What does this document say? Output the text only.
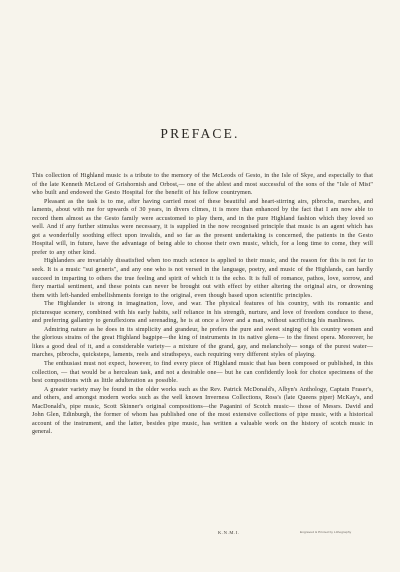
PREFACE.

This collection of Highland music is a tribute to the memory of the McLeods of Gesto, in the Isle of Skye, and especially to that of the late Kenneth McLeod of Grishornish and Orbost,— one of the ablest and most successful of the sons of the "Isle of Mist" who built and endowed the Gesto Hospital for the benefit of his fellow countrymen.

Pleasant as the task is to me, after having carried most of these beautiful and heart-stirring airs, pibrochs, marches, and laments, about with me for upwards of 30 years, in divers climes, it is more than enhanced by the fact that I am now able to record them almost as the Gesto family were accustomed to play them, and in the pure Highland fashion which they loved so well. And if any further stimulus were necessary, it is supplied in the now recognised principle that music is an agent which has got a wonderfully soothing effect upon invalids, and so far as the present undertaking is concerned, the patients in the Gesto Hospital will, in future, have the advantage of being able to choose their own music, which, for a long time to come, they will prefer to any other kind.

Highlanders are invariably dissatisfied when too much science is applied to their music, and the reason for this is not far to seek. It is a music "sui generis", and any one who is not versed in the language, poetry, and music of the Highlands, can hardly succeed in imparting to others the true feeling and spirit of which it is the echo. It is full of romance, pathos, love, sorrow, and fiery martial sentiment, and these points can never be brought out with effect by either altering the original airs, or drowning them with left-handed embellishments foreign to the original, even though based upon scientific principles.

The Highlander is strong in imagination, love, and war. The physical features of his country, with its romantic and picturesque scenery, combined with his early habits, self reliance in his strength, nurture, and love of freedom conduce to these, and preferring gallantry to genuflexions and serenading, he is at once a lover and a man, without sacrificing his manliness.

Admiring nature as he does in its simplicity and grandeur, he prefers the pure and sweet singing of his country women and the glorious strains of the great Highland bagpipe—the king of instruments in its native glens— to the finest opera. Moreover, he likes a good deal of it, and a considerable variety— a mixture of the grand, gay, and melancholy— songs of the purest water— marches, pibrochs, quicksteps, laments, reels and strathspeys, each requiring very different styles of playing.

The enthusiast must not expect, however, to find every piece of Highland music that has been composed or published, in this collection, — that would be a herculean task, and not a desirable one— but he can confidently look for choice specimens of the best compositions with as little adulteration as possible.

A greater variety may be found in the older works such as the Rev. Patrick McDonald's, Albyn's Anthology, Captain Fraser's, and others, and amongst modern works such as the well known Inverness Collections, Ross's (late Queens piper) McKay's, and MacDonald's, pipe music, Scott Skinner's original compositions—the Paganini of Scotch music— those of Messrs. David and John Glen, Edinburgh, the former of whom has published one of the most extensive collections of pipe music, with a historical account of the instrument, and the latter, besides pipe music, has written a valuable work on the history of scotch music in general.

K.N.M.I.	Engraved & Printed by Lithography
